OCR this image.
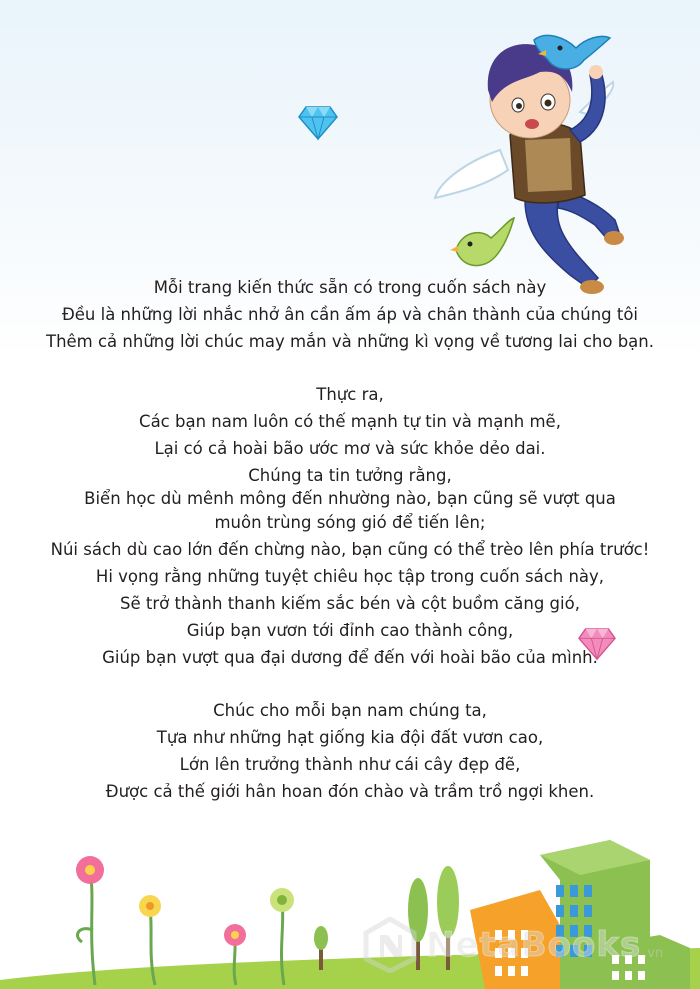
Mỗi trang kiến thức sẵn có trong cuốn sách này
Đều là những lời nhắc nhở ân cần ấm áp và chân thành của chúng tôi
Thêm cả những lời chúc may mắn và những kì vọng về tương lai cho bạn.
Thực ra,
Các bạn nam luôn có thế mạnh tự tin và mạnh mẽ,
Lại có cả hoài bão ước mơ và sức khỏe dẻo dai.
Chúng ta tin tưởng rằng,
Biển học dù mênh mông đến nhường nào, bạn cũng sẽ vượt qua
muôn trùng sóng gió để tiến lên;
Núi sách dù cao lớn đến chừng nào, bạn cũng có thể trèo lên phía trước!
Hi vọng rằng những tuyệt chiêu học tập trong cuốn sách này,
Sẽ trở thành thanh kiếm sắc bén và cột buồm căng gió,
Giúp bạn vươn tới đỉnh cao thành công,
Giúp bạn vượt qua đại dương để đến với hoài bão của mình.
Chúc cho mỗi bạn nam chúng ta,
Tựa như những hạt giống kia đội đất vươn cao,
Lớn lên trưởng thành như cái cây đẹp đẽ,
Được cả thế giới hân hoan đón chào và trầm trồ ngợi khen.
NetaBooks .vn
